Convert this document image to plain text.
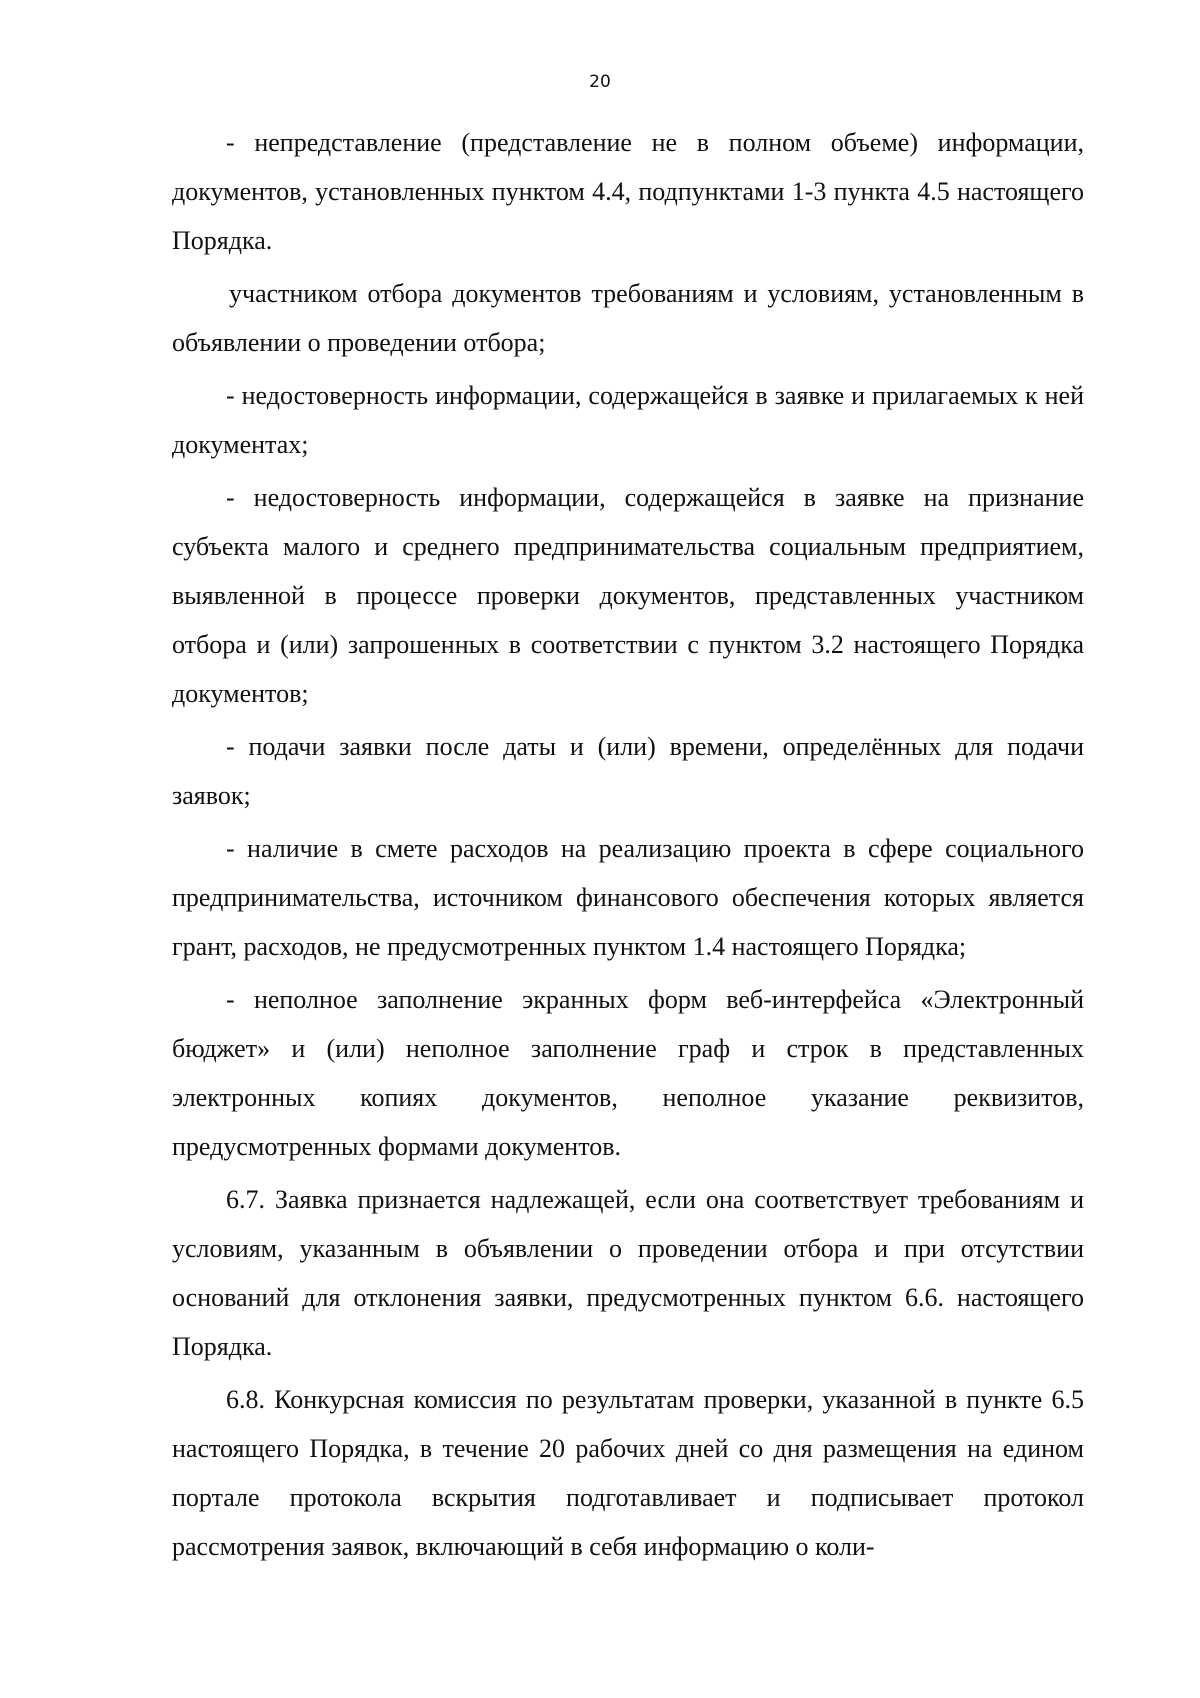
20

- непредставление (представление не в полном объеме) информации, документов, установленных пунктом 4.4, подпунктами 1-3 пункта 4.5 настоящего Порядка.

участником отбора документов требованиям и условиям, установленным в объявлении о проведении отбора;

- недостоверность информации, содержащейся в заявке и прилагаемых к ней документах;

- недостоверность информации, содержащейся в заявке на признание субъекта малого и среднего предпринимательства социальным предприятием, выявленной в процессе проверки документов, представленных участником отбора и (или) запрошенных в соответствии с пунктом 3.2 настоящего Порядка документов;

- подачи заявки после даты и (или) времени, определённых для подачи заявок;

- наличие в смете расходов на реализацию проекта в сфере социального предпринимательства, источником финансового обеспечения которых является грант, расходов, не предусмотренных пунктом 1.4 настоящего Порядка;

- неполное заполнение экранных форм веб-интерфейса «Электронный бюджет» и (или) неполное заполнение граф и строк в представленных электронных копиях документов, неполное указание реквизитов, предусмотренных формами документов.

6.7. Заявка признается надлежащей, если она соответствует требованиям и условиям, указанным в объявлении о проведении отбора и при отсутствии оснований для отклонения заявки, предусмотренных пунктом 6.6. настоящего Порядка.

6.8. Конкурсная комиссия по результатам проверки, указанной в пункте 6.5 настоящего Порядка, в течение 20 рабочих дней со дня размещения на едином портале протокола вскрытия подготавливает и подписывает протокол рассмотрения заявок, включающий в себя информацию о коли-
